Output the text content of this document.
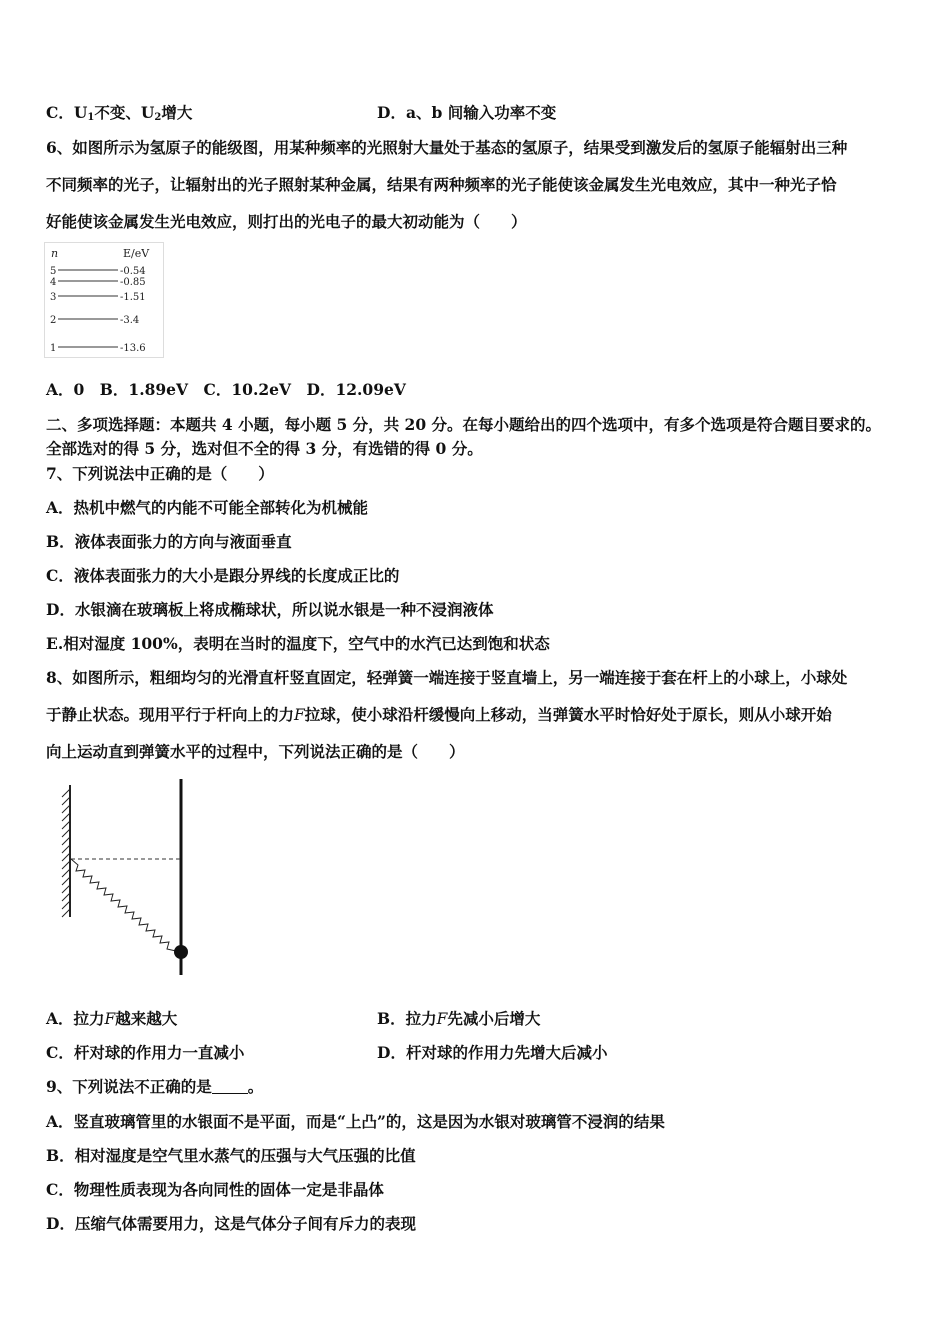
C．$U_1$不变、$U_2$增大	D．a、b 间输入功率不变
6、如图所示为氢原子的能级图，用某种频率的光照射大量处于基态的氢原子，结果受到激发后的氢原子能辐射出三种
不同频率的光子，让辐射出的光子照射某种金属，结果有两种频率的光子能使该金属发生光电效应，其中一种光子恰
好能使该金属发生光电效应，则打出的光电子的最大初动能为（　　）
n	E/eV
5	-0.54
4	-0.85
3	-1.51
2	-3.4
1	-13.6
A．0　B．1.89eV　C．10.2eV　D．12.09eV
二、多项选择题：本题共 4 小题，每小题 5 分，共 20 分。在每小题给出的四个选项中，有多个选项是符合题目要求的。
全部选对的得 5 分，选对但不全的得 3 分，有选错的得 0 分。
7、下列说法中正确的是（　　）
A．热机中燃气的内能不可能全部转化为机械能
B．液体表面张力的方向与液面垂直
C．液体表面张力的大小是跟分界线的长度成正比的
D．水银滴在玻璃板上将成椭球状，所以说水银是一种不浸润液体
E.相对湿度 100%，表明在当时的温度下，空气中的水汽已达到饱和状态
8、如图所示，粗细均匀的光滑直杆竖直固定，轻弹簧一端连接于竖直墙上，另一端连接于套在杆上的小球上，小球处
于静止状态。现用平行于杆向上的力F拉球，使小球沿杆缓慢向上移动，当弹簧水平时恰好处于原长，则从小球开始
向上运动直到弹簧水平的过程中，下列说法正确的是（　　）
A．拉力F越来越大	B．拉力F先减小后增大
C．杆对球的作用力一直减小	D．杆对球的作用力先增大后减小
9、下列说法不正确的是 。
A．竖直玻璃管里的水银面不是平面，而是“上凸”的，这是因为水银对玻璃管不浸润的结果
B．相对湿度是空气里水蒸气的压强与大气压强的比值
C．物理性质表现为各向同性的固体一定是非晶体
D．压缩气体需要用力，这是气体分子间有斥力的表现
